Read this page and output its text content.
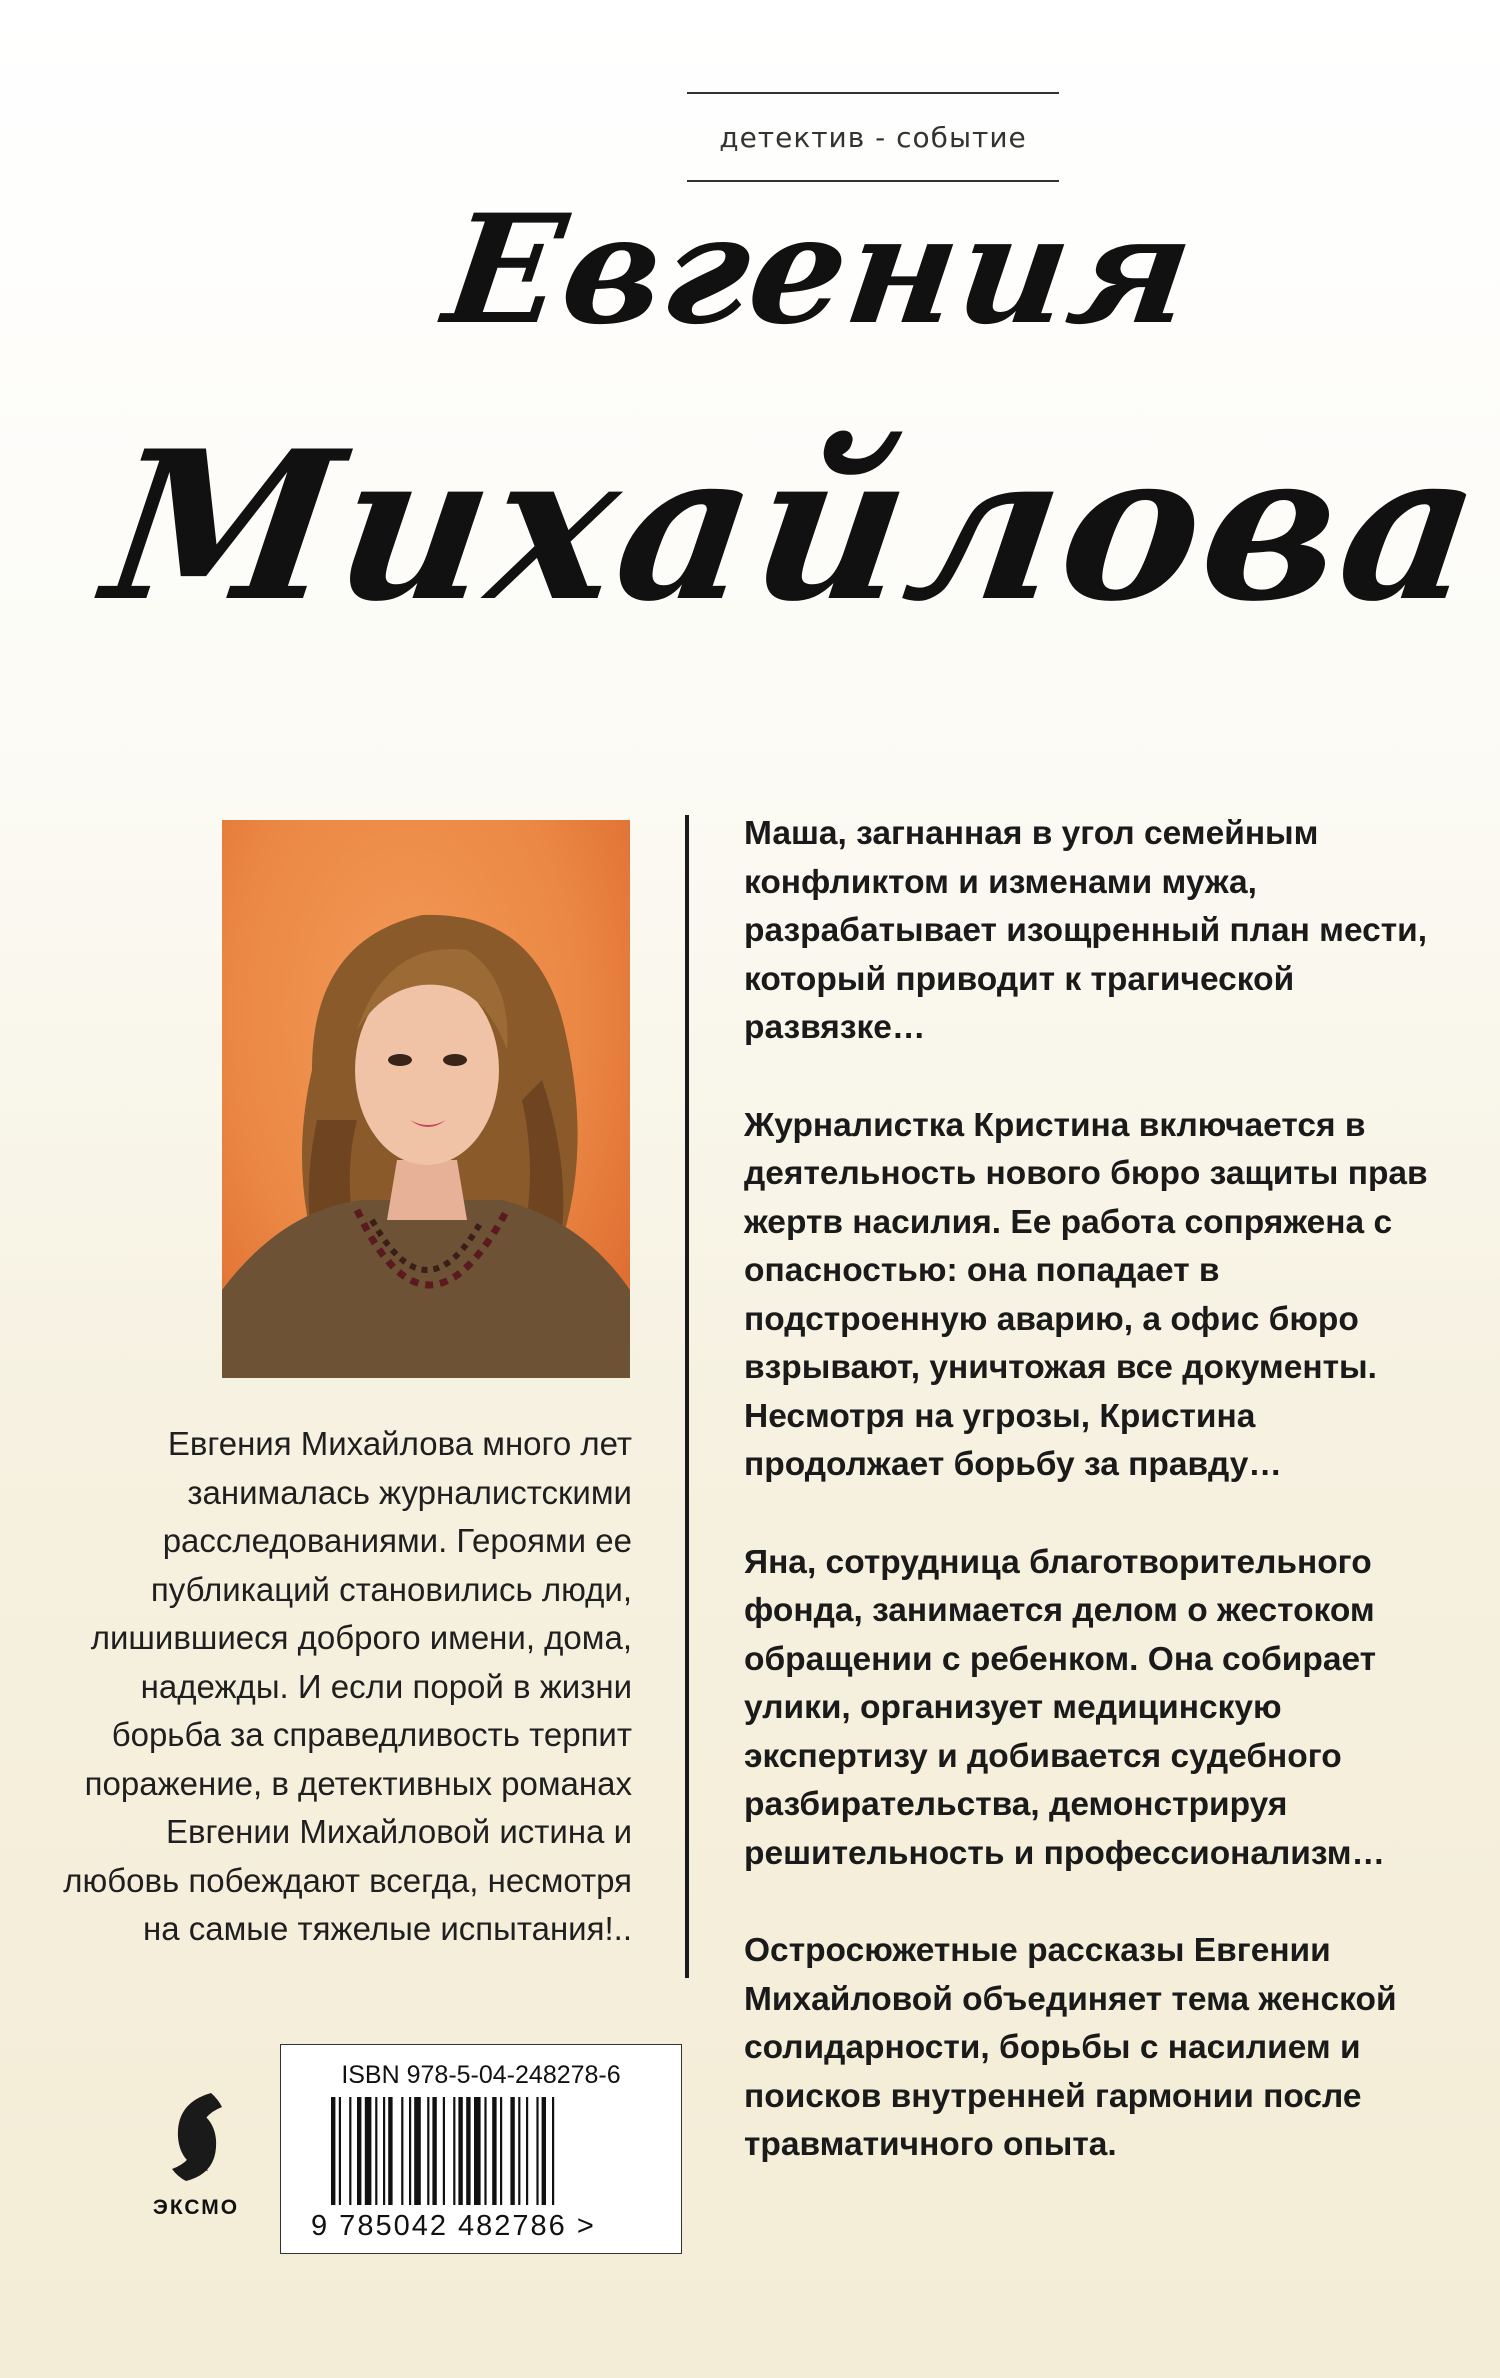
детектив - событие
Евгения
Михайлова

Евгения Михайлова много лет занималась журналистскими расследованиями. Героями ее публикаций становились люди, лишившиеся доброго имени, дома, надежды. И если порой в жизни борьба за справедливость терпит поражение, в детективных романах Евгении Михайловой истина и любовь побеждают всегда, несмотря на самые тяжелые испытания!..

Маша, загнанная в угол семейным конфликтом и изменами мужа, разрабатывает изощренный план мести, который приводит к трагической развязке…

Журналистка Кристина включается в деятельность нового бюро защиты прав жертв насилия. Ее работа сопряжена с опасностью: она попадает в подстроенную аварию, а офис бюро взрывают, уничтожая все документы. Несмотря на угрозы, Кристина продолжает борьбу за правду…

Яна, сотрудница благотворительного фонда, занимается делом о жестоком обращении с ребенком. Она собирает улики, организует медицинскую экспертизу и добивается судебного разбирательства, демонстрируя решительность и профессионализм…

Остросюжетные рассказы Евгении Михайловой объединяет тема женской солидарности, борьбы с насилием и поисков внутренней гармонии после травматичного опыта.

ЭКСМО
ISBN 978-5-04-248278-6
9 785042 482786 >
